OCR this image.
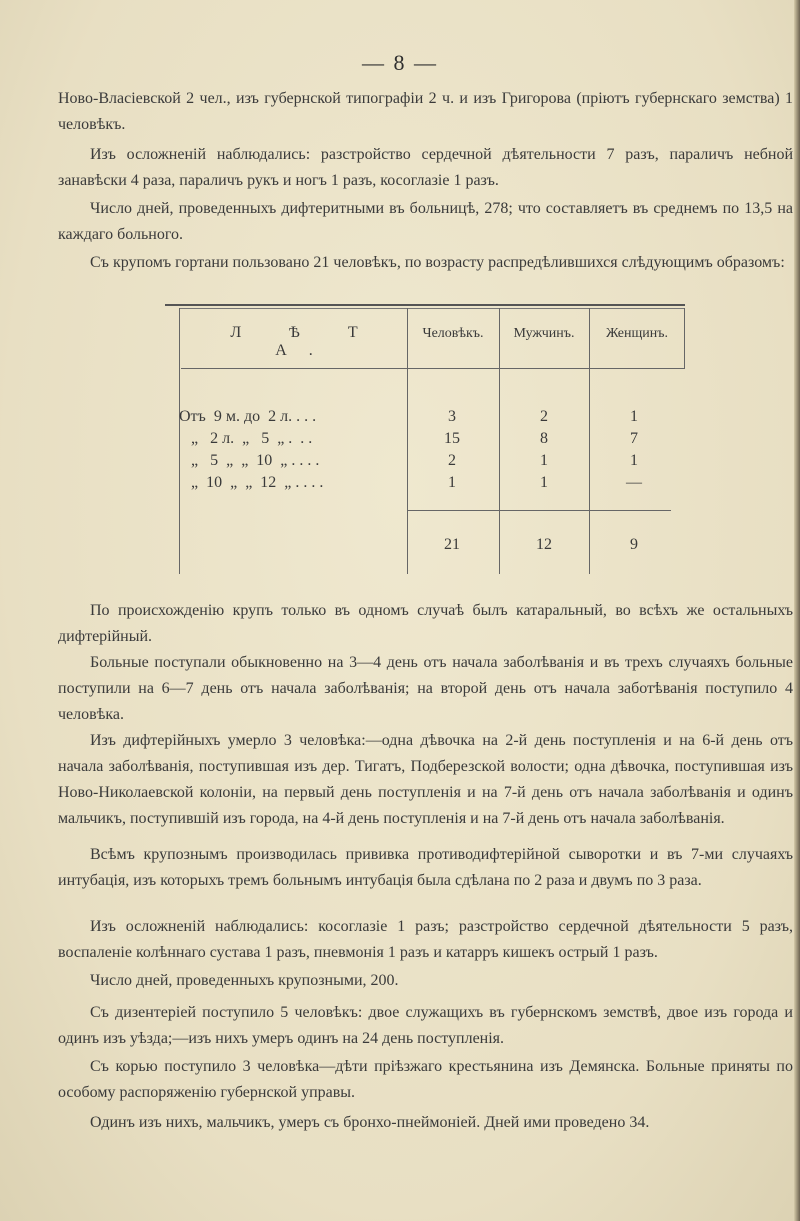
— 8 —
Ново-Власіевской 2 чел., изъ губернской типографіи 2 ч. и изъ Григорова (пріютъ губернскаго земства) 1 человѣкъ.
Изъ осложненій наблюдались: разстройство сердечной дѣятельности 7 разъ, параличъ небной занавѣски 4 раза, параличъ рукъ и ногъ 1 разъ, косоглазіе 1 разъ.
Число дней, проведенныхъ дифтеритными въ больницѣ, 278; что составляетъ въ среднемъ по 13,5 на каждаго больного.
Съ крупомъ гортани пользовано 21 человѣкъ, по возрасту распредѣлившихся слѣдующимъ образомъ:
Л Ѣ Т А.
Человѣкъ.	Мужчинъ.	Женщинъ.
Отъ  9 м. до  2 л. . . .	3	2	1
„   2 л.  „   5  „ .  . .	15	8	7
„   5  „  „  10  „ . . . .	2	1	1
„  10  „  „  12  „ . . . .	1	1	—
21	12	9
По происхожденію крупъ только въ одномъ случаѣ былъ катаральный, во всѣхъ же остальныхъ дифтерійный.
Больные поступали обыкновенно на 3—4 день отъ начала заболѣванія и въ трехъ случаяхъ больные поступили на 6—7 день отъ начала заболѣванія; на второй день отъ начала заботѣванія поступило 4 человѣка.
Изъ дифтерійныхъ умерло 3 человѣка:—одна дѣвочка на 2-й день поступленія и на 6-й день отъ начала заболѣванія, поступившая изъ дер. Тигатъ, Подберезской волости; одна дѣвочка, поступившая изъ Ново-Николаевской колоніи, на первый день поступленія и на 7-й день отъ начала заболѣванія и одинъ мальчикъ, поступившій изъ города, на 4-й день поступленія и на 7-й день отъ начала заболѣванія.
Всѣмъ крупознымъ производилась прививка противодифтерійной сыворотки и въ 7-ми случаяхъ интубація, изъ которыхъ тремъ больнымъ интубація была сдѣлана по 2 раза и двумъ по 3 раза.
Изъ осложненій наблюдались: косоглазіе 1 разъ; разстройство сердечной дѣятельности 5 разъ, воспаленіе колѣннаго сустава 1 разъ, пневмонія 1 разъ и катарръ кишекъ острый 1 разъ.
Число дней, проведенныхъ крупозными, 200.
Съ дизентеріей поступило 5 человѣкъ: двое служащихъ въ губернскомъ земствѣ, двое изъ города и одинъ изъ уѣзда;—изъ нихъ умеръ одинъ на 24 день поступленія.
Съ корью поступило 3 человѣка—дѣти пріѣзжаго крестьянина изъ Демянска. Больные приняты по особому распоряженію губернской управы.
Одинъ изъ нихъ, мальчикъ, умеръ съ бронхо-пнеймоніей. Дней ими проведено 34.
